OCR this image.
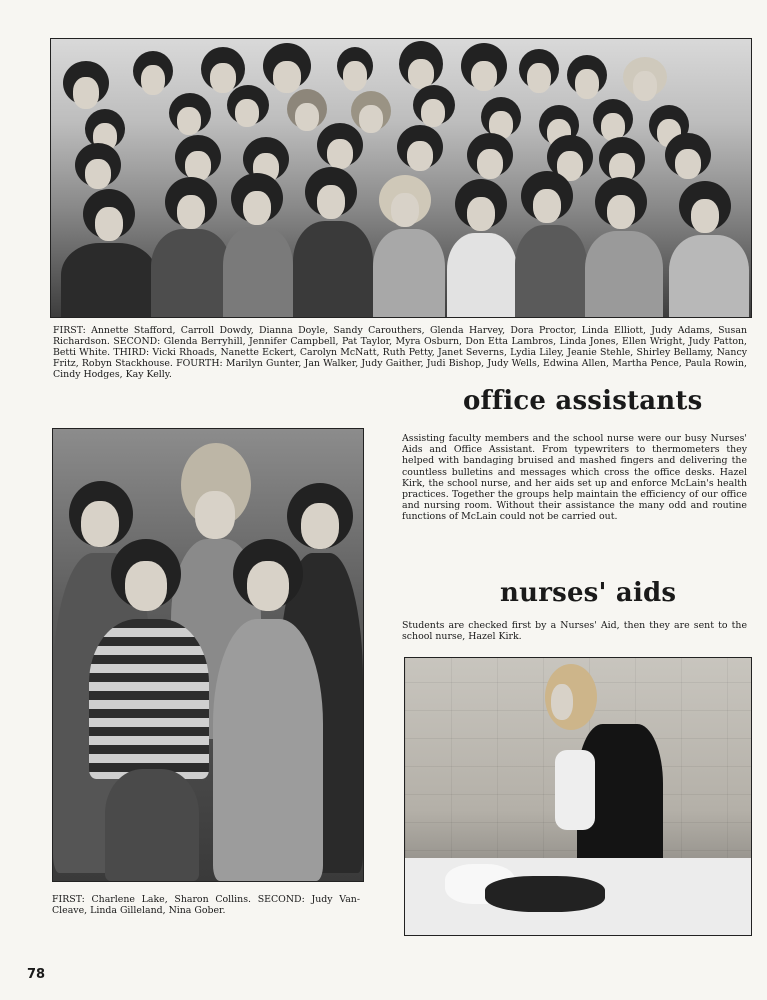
FIRST: Annette Stafford, Carroll Dowdy, Dianna Doyle, Sandy Carouthers, Glenda Harvey, Dora Proctor, Linda Elliott, Judy Adams, Susan Richardson. SECOND: Glenda Berryhill, Jennifer Campbell, Pat Taylor, Myra Osburn, Don Etta Lambros, Linda Jones, Ellen Wright, Judy Patton, Betti White. THIRD: Vicki Rhoads, Nanette Eckert, Carolyn McNatt, Ruth Petty, Janet Severns, Lydia Liley, Jeanie Stehle, Shirley Bellamy, Nancy Fritz, Robyn Stackhouse. FOURTH: Marilyn Gunter, Jan Walker, Judy Gaither, Judi Bishop, Judy Wells, Edwina Allen, Martha Pence, Paula Rowin, Cindy Hodges, Kay Kelly.

office assistants

Assisting faculty members and the school nurse were our busy Nurses' Aids and Office Assistant. From typewriters to thermometers they helped with bandaging bruised and mashed fingers and delivering the countless bulletins and messages which cross the office desks. Hazel Kirk, the school nurse, and her aids set up and enforce McLain's health practices. Together the groups help maintain the efficiency of our office and nursing room. Without their assistance the many odd and routine functions of McLain could not be carried out.

FIRST: Charlene Lake, Sharon Collins. SECOND: Judy Van-Cleave, Linda Gilleland, Nina Gober.

nurses' aids

Students are checked first by a Nurses' Aid, then they are sent to the school nurse, Hazel Kirk.

78
